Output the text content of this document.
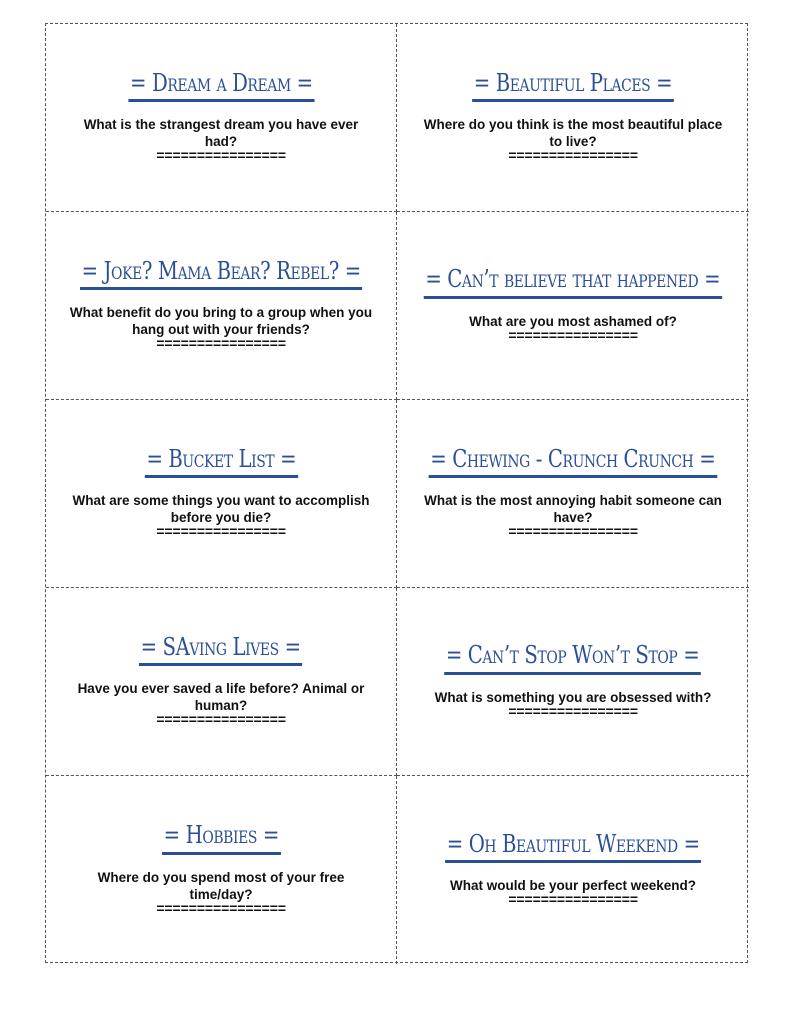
= Dream a Dream =

What is the strangest dream you have ever had?

================

= Beautiful Places =

Where do you think is the most beautiful place to live?

================

= Joke? Mama Bear? Rebel? =

What benefit do you bring to a group when you hang out with your friends?

================

= Can’t believe that happened =

What are you most ashamed of?

================

= Bucket List =

What are some things you want to accomplish before you die?

================

= Chewing - Crunch Crunch =

What is the most annoying habit someone can have?

================

= SAving Lives =

Have you ever saved a life before? Animal or human?

================

= Can’t Stop Won’t Stop =

What is something you are obsessed with?

================

= Hobbies =

Where do you spend most of your free time/day?

================

= Oh Beautiful Weekend =

What would be your perfect weekend?

================
